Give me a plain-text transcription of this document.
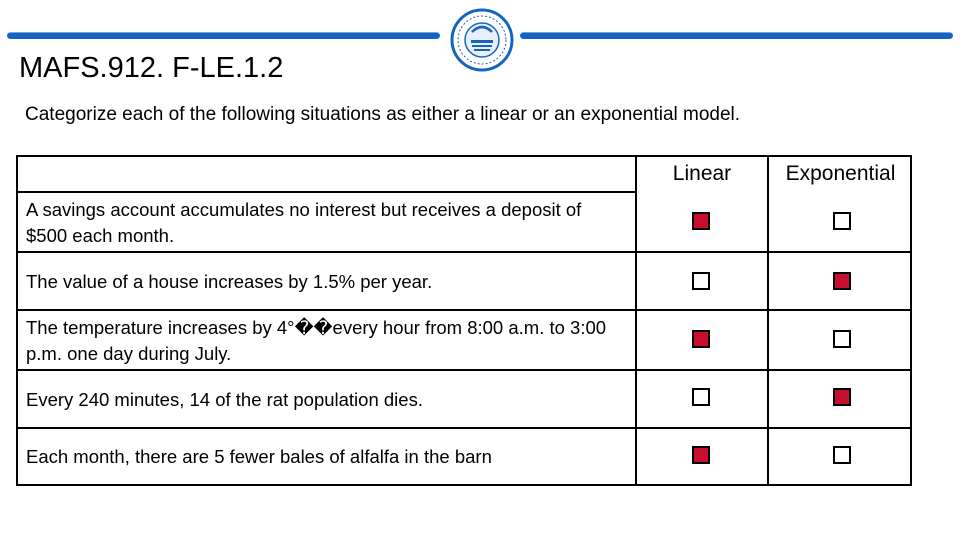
MAFS.912. F-LE.1.2
Categorize each of the following situations as either a linear or an exponential model.
Linear	Exponential
A savings account accumulates no interest but receives a deposit of $500 each month.
The value of a house increases by 1.5% per year.
The temperature increases by 4°��every hour from 8:00 a.m. to 3:00 p.m. one day during July.
Every 240 minutes, 14 of the rat population dies.
Each month, there are 5 fewer bales of alfalfa in the barn
